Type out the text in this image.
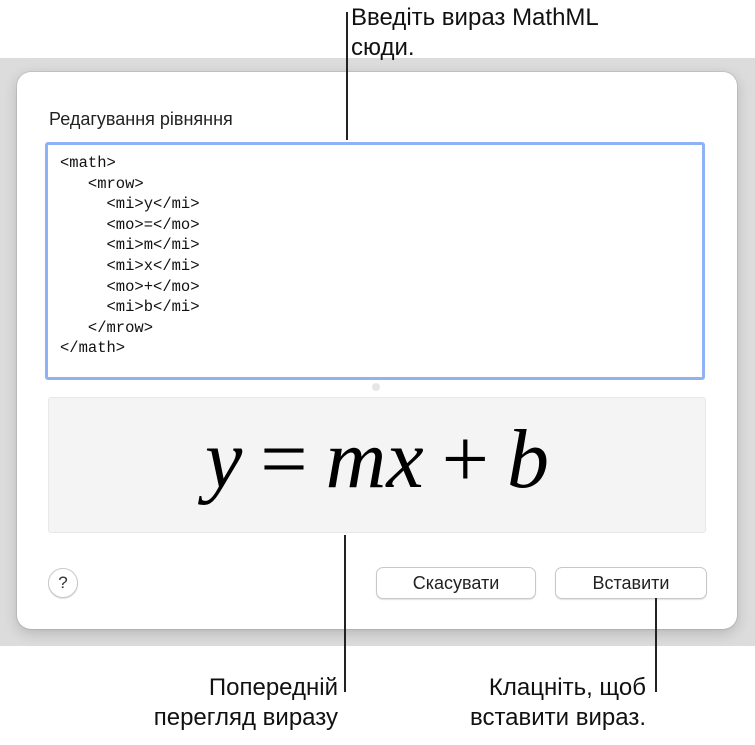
Редагування рівняння
<math>
<mrow>
<mi>y</mi>
<mo>=</mo>
<mi>m</mi>
<mi>x</mi>
<mo>+</mo>
<mi>b</mi>
</mrow>
</math>
y = mx + b
?	Скасувати	Вставити
Введіть вираз MathML
сюди.
Попередній
перегляд виразу
Клацніть, щоб
вставити вираз.
